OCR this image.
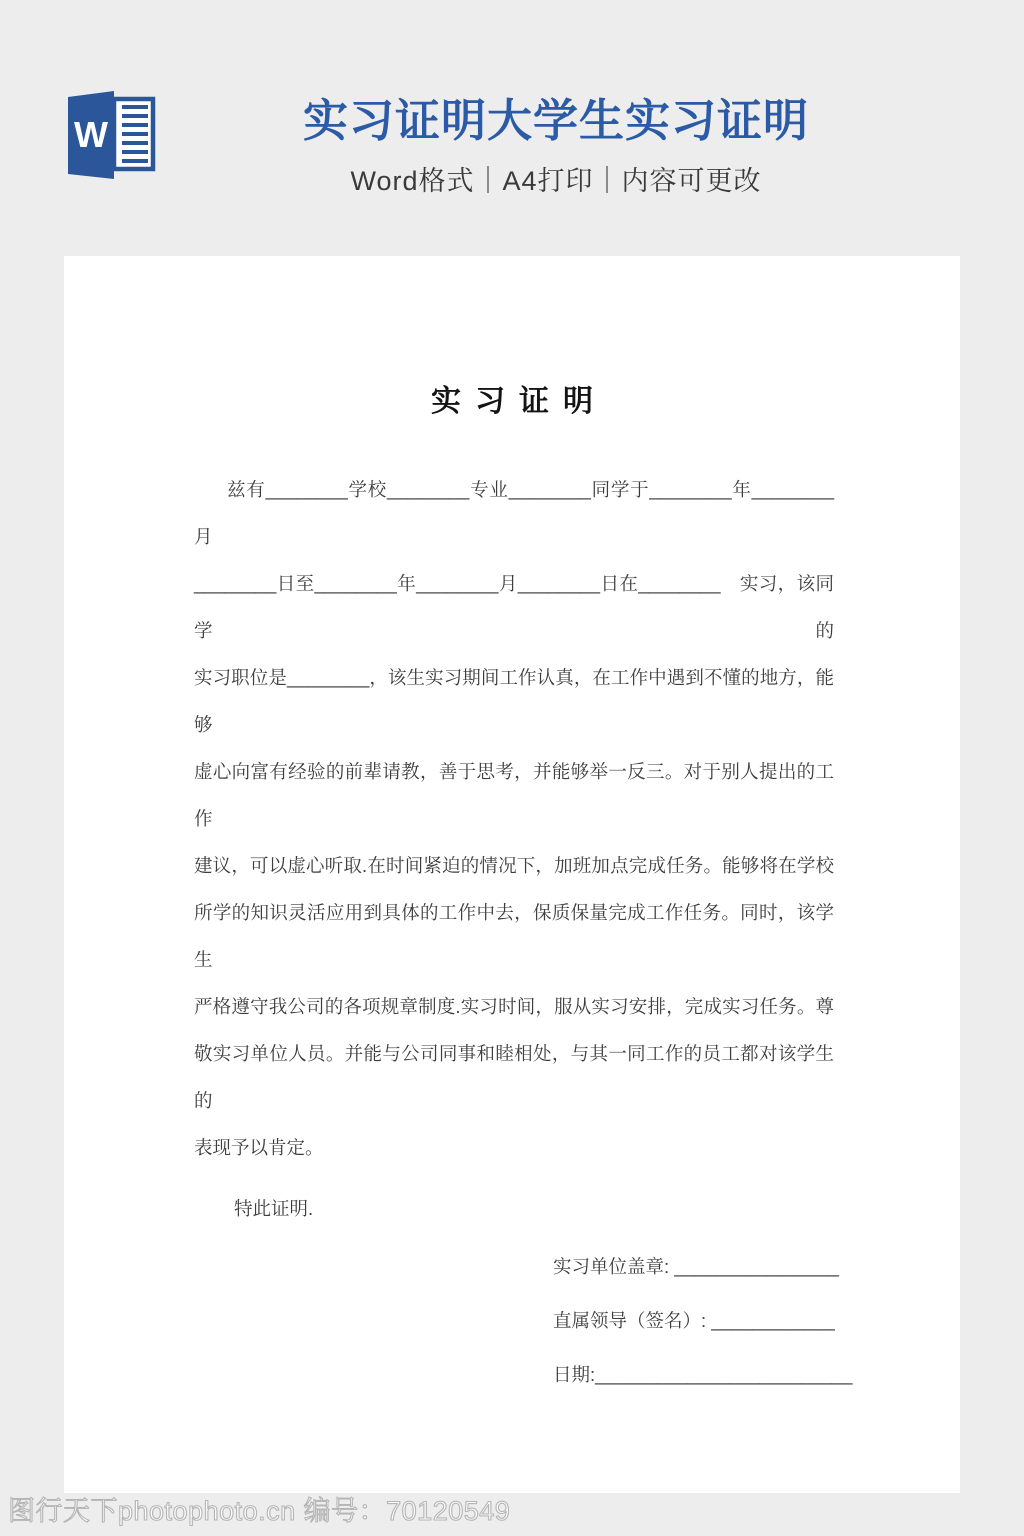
W	实习证明大学生实习证明
Word格式｜A4打印｜内容可更改
实习证明
兹有________学校________专业________同学于________年________月
________日至________年________月________日在________　实习，该同学的
实习职位是________，该生实习期间工作认真，在工作中遇到不懂的地方，能够
虚心向富有经验的前辈请教，善于思考，并能够举一反三。对于别人提出的工作
建议，可以虚心听取.在时间紧迫的情况下，加班加点完成任务。能够将在学校
所学的知识灵活应用到具体的工作中去，保质保量完成工作任务。同时，该学生
严格遵守我公司的各项规章制度.实习时间，服从实习安排，完成实习任务。尊
敬实习单位人员。并能与公司同事和睦相处，与其一同工作的员工都对该学生的
表现予以肯定。

特此证明.

实习单位盖章: ________________
直属领导（签名）: ____________
日期:_________________________
图行天下photophoto.cn 编号：70120549
